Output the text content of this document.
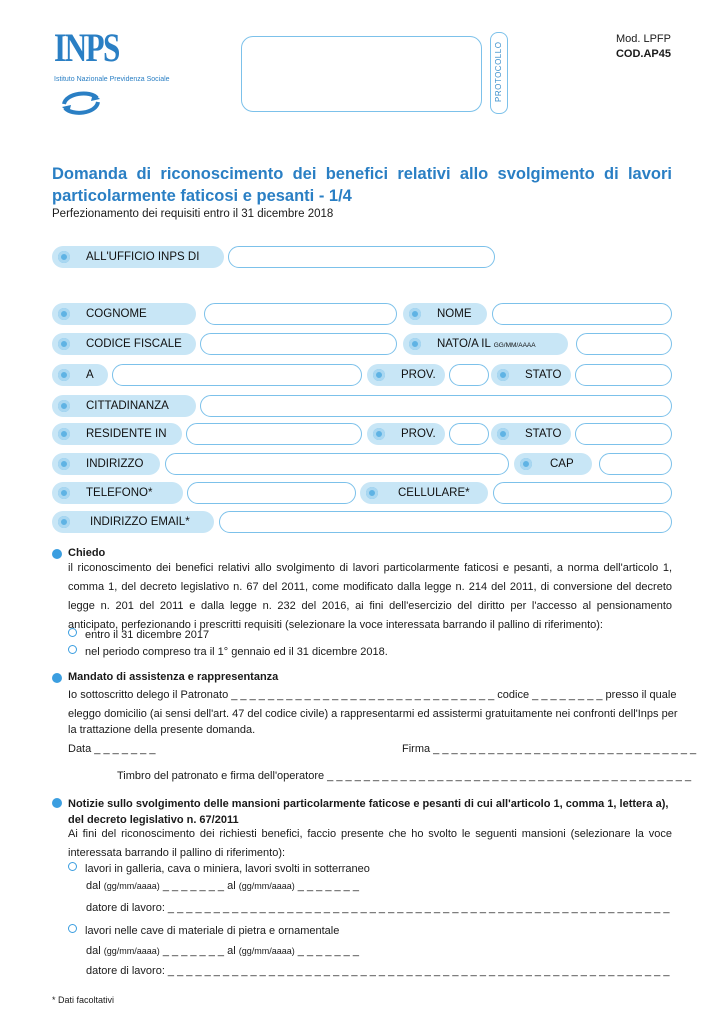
INPS
Istituto Nazionale Previdenza Sociale	PROTOCOLLO
Mod. LPFP
COD.AP45
Domanda di riconoscimento dei benefici relativi allo svolgimento di lavori particolarmente faticosi e pesanti - 1/4
Perfezionamento dei requisiti entro il 31 dicembre 2018
ALL'UFFICIO INPS DI
COGNOME	NOME
CODICE FISCALE	NATO/A IL GG/MM/AAAA
A	PROV.	STATO
CITTADINANZA
RESIDENTE IN	PROV.	STATO
INDIRIZZO	CAP
TELEFONO*	CELLULARE*
INDIRIZZO EMAIL*
Chiedo
il riconoscimento dei benefici relativi allo svolgimento di lavori particolarmente faticosi e pesanti, a norma dell'articolo 1, comma 1, del decreto legislativo n. 67 del 2011, come modificato dalla legge n. 214 del 2011, di conversione del decreto legge n. 201 del 2011 e dalla legge n. 232 del 2016, ai fini dell'esercizio del diritto per l'accesso al pensionamento anticipato, perfezionando i prescritti requisiti (selezionare la voce interessata barrando il pallino di riferimento):
entro il 31 dicembre 2017
nel periodo compreso tra il 1° gennaio ed il 31 dicembre 2018.
Mandato di assistenza e rappresentanza
Io sottoscritto delego il Patronato _ _ _ _ _ _ _ _ _ _ _ _ _ _ _ _ _ _ _ _ _ _ _ _ _ _ _ _ _ codice _ _ _ _ _ _ _ _ presso il quale
eleggo domicilio (ai sensi dell'art. 47 del codice civile) a rappresentarmi ed assistermi gratuitamente nei confronti dell'Inps per
la trattazione della presente domanda.
Data _ _ _ _ _ _ _	Firma _ _ _ _ _ _ _ _ _ _ _ _ _ _ _ _ _ _ _ _ _ _ _ _ _ _ _ _ _
Timbro del patronato e firma dell'operatore _ _ _ _ _ _ _ _ _ _ _ _ _ _ _ _ _ _ _ _ _ _ _ _ _ _ _ _ _ _ _ _ _ _ _ _ _ _ _ _
Notizie sullo svolgimento delle mansioni particolarmente faticose e pesanti di cui all'articolo 1, comma 1, lettera a), del decreto legislativo n. 67/2011
Ai fini del riconoscimento dei richiesti benefici, faccio presente che ho svolto le seguenti mansioni (selezionare la voce interessata barrando il pallino di riferimento):
lavori in galleria, cava o miniera, lavori svolti in sotterraneo
dal (gg/mm/aaaa) _ _ _ _ _ _ _ al (gg/mm/aaaa) _ _ _ _ _ _ _
datore di lavoro: _ _ _ _ _ _ _ _ _ _ _ _ _ _ _ _ _ _ _ _ _ _ _ _ _ _ _ _ _ _ _ _ _ _ _ _ _ _ _ _ _ _ _ _ _ _ _ _ _ _ _ _ _ _ _
lavori nelle cave di materiale di pietra e ornamentale
dal (gg/mm/aaaa) _ _ _ _ _ _ _ al (gg/mm/aaaa) _ _ _ _ _ _ _
datore di lavoro: _ _ _ _ _ _ _ _ _ _ _ _ _ _ _ _ _ _ _ _ _ _ _ _ _ _ _ _ _ _ _ _ _ _ _ _ _ _ _ _ _ _ _ _ _ _ _ _ _ _ _ _ _ _ _
* Dati facoltativi
